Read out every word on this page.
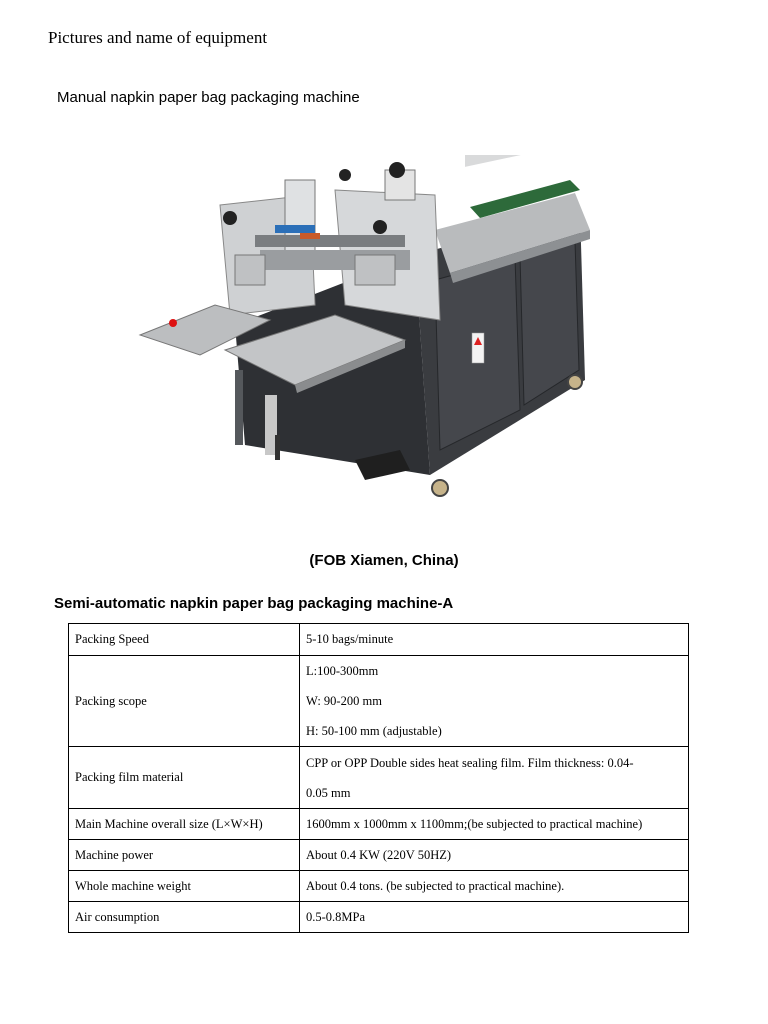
Pictures and name of equipment
Manual napkin paper bag packaging machine
(FOB Xiamen, China)
Semi-automatic napkin paper bag packaging machine-A
Packing Speed	5-10 bags/minute
Packing scope	L:100-300mm
W: 90-200 mm
H: 50-100 mm (adjustable)

Packing film material	CPP or OPP Double sides heat sealing film. Film thickness: 0.04-
0.05 mm

Main Machine overall size (L×W×H)	1600mm x 1000mm x 1100mm;(be subjected to practical machine)
Machine power	About 0.4 KW (220V 50HZ)
Whole machine weight	About 0.4 tons. (be subjected to practical machine).
Air consumption	0.5-0.8MPa
